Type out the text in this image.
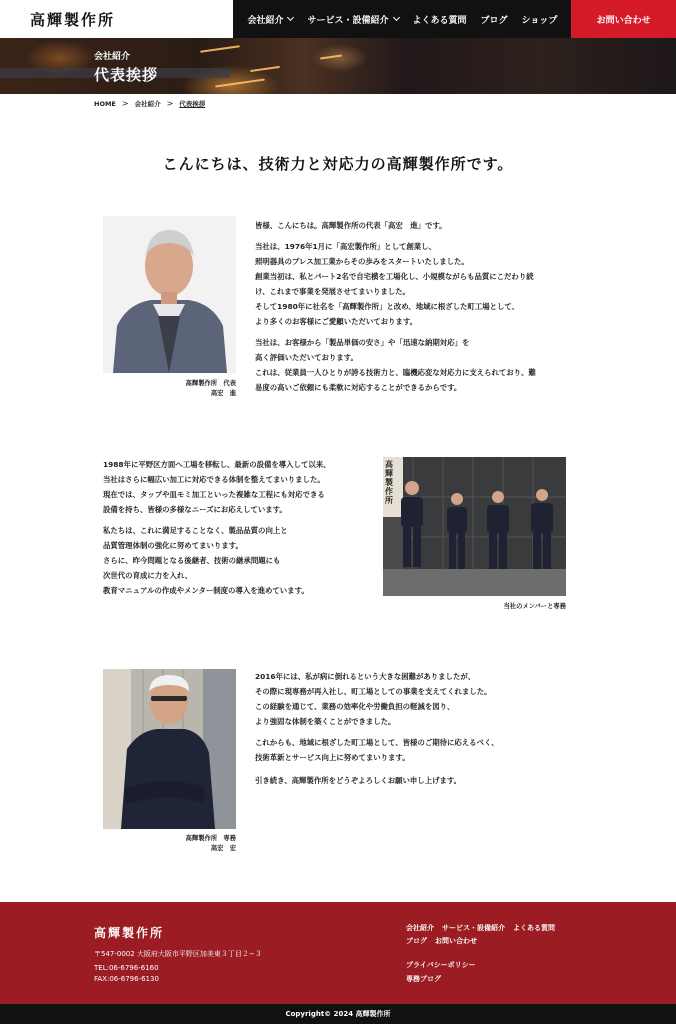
高輝製作所	会社紹介	サービス・設備紹介	よくある質問 ブログ ショップ	お問い合わせ
会社紹介
代表挨拶
HOME > 会社紹介 > 代表挨拶
こんにちは、技術力と対応力の高輝製作所です。
高輝製作所　代表
高宏　進

皆様、こんにちは。高輝製作所の代表「高宏　進」です。

当社は、1976年1月に「高宏製作所」として創業し、
照明器具のプレス加工業からその歩みをスタートいたしました。
創業当初は、私とパート2名で自宅横を工場化し、小規模ながらも品質にこだわり続
け、これまで事業を発展させてまいりました。
そして1980年に社名を「高輝製作所」と改め、地域に根ざした町工場として、
より多くのお客様にご愛顧いただいております。

当社は、お客様から「製品単価の安さ」や「迅速な納期対応」を
高く評価いただいております。
これは、従業員一人ひとりが誇る技術力と、臨機応変な対応力に支えられており、難
易度の高いご依頼にも柔軟に対応することができるからです。

1988年に平野区方面へ工場を移転し、最新の設備を導入して以来、
当社はさらに幅広い加工に対応できる体制を整えてまいりました。
現在では、タップや皿モミ加工といった複雑な工程にも対応できる
設備を持ち、皆様の多様なニーズにお応えしています。

私たちは、これに満足することなく、製品品質の向上と
品質管理体制の強化に努めてまいります。
さらに、昨今問題となる後継者、技術の継承問題にも
次世代の育成に力を入れ、
教育マニュアルの作成やメンター制度の導入を進めています。

高輝製作所
当社のメンバーと専務
高輝製作所　専務
高宏　宏

2016年には、私が病に倒れるという大きな困難がありましたが、
その際に現専務が再入社し、町工場としての事業を支えてくれました。
この経験を通じて、業務の効率化や労働負担の軽減を図り、
より強固な体制を築くことができました。

これからも、地域に根ざした町工場として、皆様のご期待に応えるべく、
技術革新とサービス向上に努めてまいります。

引き続き、高輝製作所をどうぞよろしくお願い申し上げます。

高輝製作所
〒547-0002 大阪府大阪市平野区加美東３丁目２−３
TEL:06-6796-6160
FAX:06-6796-6130
会社紹介 サービス・設備紹介 よくある質問
ブログ お問い合わせ
プライバシーポリシー
専務ブログ
Copyright© 2024 高輝製作所
